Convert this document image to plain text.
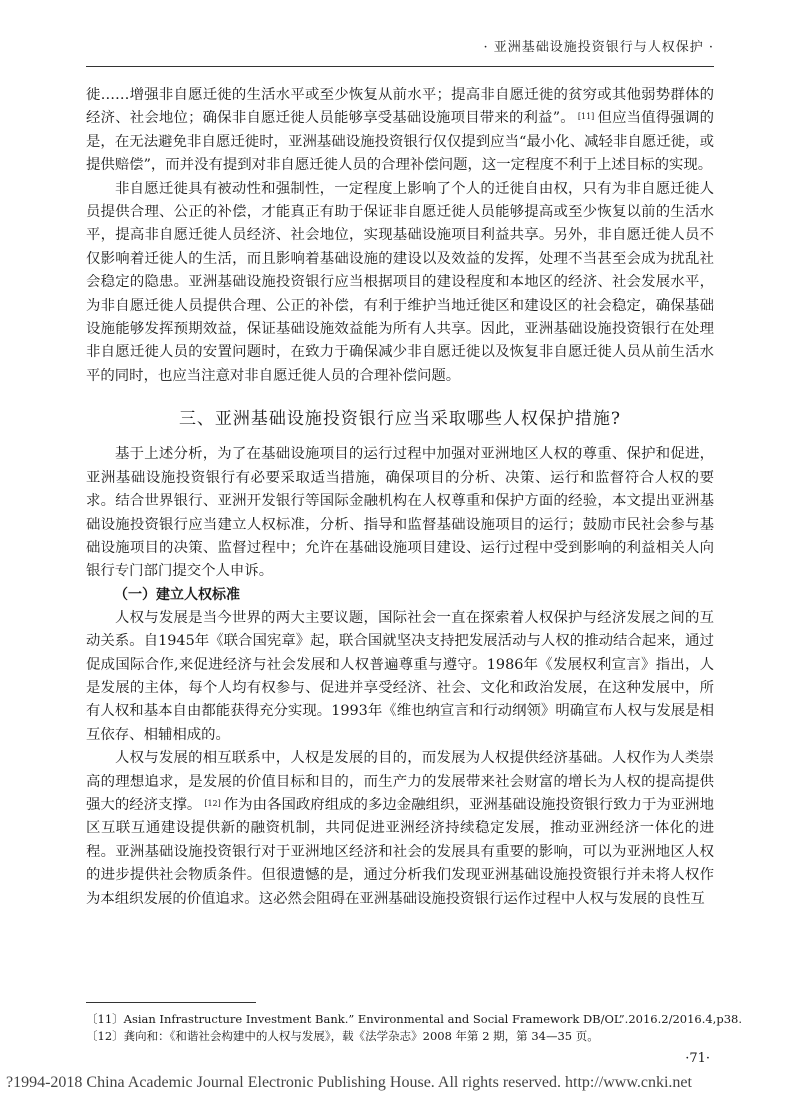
· 亚洲基础设施投资银行与人权保护 ·

徙……增强非自愿迁徙的生活水平或至少恢复从前水平；提高非自愿迁徙的贫穷或其他弱势群体的经济、社会地位；确保非自愿迁徙人员能够享受基础设施项目带来的利益”。 [11] 但应当值得强调的是，在无法避免非自愿迁徙时，亚洲基础设施投资银行仅仅提到应当“最小化、减轻非自愿迁徙，或提供赔偿”，而并没有提到对非自愿迁徙人员的合理补偿问题，这一定程度不利于上述目标的实现。

非自愿迁徙具有被动性和强制性，一定程度上影响了个人的迁徙自由权，只有为非自愿迁徙人员提供合理、公正的补偿，才能真正有助于保证非自愿迁徙人员能够提高或至少恢复以前的生活水平，提高非自愿迁徙人员经济、社会地位，实现基础设施项目利益共享。另外，非自愿迁徙人员不仅影响着迁徙人的生活，而且影响着基础设施的建设以及效益的发挥，处理不当甚至会成为扰乱社会稳定的隐患。亚洲基础设施投资银行应当根据项目的建设程度和本地区的经济、社会发展水平，为非自愿迁徙人员提供合理、公正的补偿，有利于维护当地迁徙区和建设区的社会稳定，确保基础设施能够发挥预期效益，保证基础设施效益能为所有人共享。因此，亚洲基础设施投资银行在处理非自愿迁徙人员的安置问题时，在致力于确保减少非自愿迁徙以及恢复非自愿迁徙人员从前生活水平的同时，也应当注意对非自愿迁徙人员的合理补偿问题。

三、亚洲基础设施投资银行应当采取哪些人权保护措施?

基于上述分析，为了在基础设施项目的运行过程中加强对亚洲地区人权的尊重、保护和促进，亚洲基础设施投资银行有必要采取适当措施，确保项目的分析、决策、运行和监督符合人权的要求。结合世界银行、亚洲开发银行等国际金融机构在人权尊重和保护方面的经验，本文提出亚洲基础设施投资银行应当建立人权标准，分析、指导和监督基础设施项目的运行；鼓励市民社会参与基础设施项目的决策、监督过程中；允许在基础设施项目建设、运行过程中受到影响的利益相关人向银行专门部门提交个人申诉。

（一）建立人权标准

人权与发展是当今世界的两大主要议题，国际社会一直在探索着人权保护与经济发展之间的互动关系。自1945年《联合国宪章》起，联合国就坚决支持把发展活动与人权的推动结合起来，通过促成国际合作,来促进经济与社会发展和人权普遍尊重与遵守。1986年《发展权利宣言》指出，人是发展的主体，每个人均有权参与、促进并享受经济、社会、文化和政治发展，在这种发展中，所有人权和基本自由都能获得充分实现。1993年《维也纳宣言和行动纲领》明确宣布人权与发展是相互依存、相辅相成的。

人权与发展的相互联系中，人权是发展的目的，而发展为人权提供经济基础。人权作为人类崇高的理想追求，是发展的价值目标和目的，而生产力的发展带来社会财富的增长为人权的提高提供强大的经济支撑。 [12] 作为由各国政府组成的多边金融组织，亚洲基础设施投资银行致力于为亚洲地区互联互通建设提供新的融资机制，共同促进亚洲经济持续稳定发展，推动亚洲经济一体化的进程。亚洲基础设施投资银行对于亚洲地区经济和社会的发展具有重要的影响，可以为亚洲地区人权的进步提供社会物质条件。但很遗憾的是，通过分析我们发现亚洲基础设施投资银行并未将人权作为本组织发展的价值追求。这必然会阻碍在亚洲基础设施投资银行运作过程中人权与发展的良性互

〔11〕Asian Infrastructure Investment Bank.” Environmental and Social Framework DB/OL”.2016.2/2016.4,p38.

〔12〕龚向和：《和谐社会构建中的人权与发展》，载《法学杂志》2008 年第 2 期，第 34—35 页。

·71·
?1994-2018 China Academic Journal Electronic Publishing House. All rights reserved. http://www.cnki.net
